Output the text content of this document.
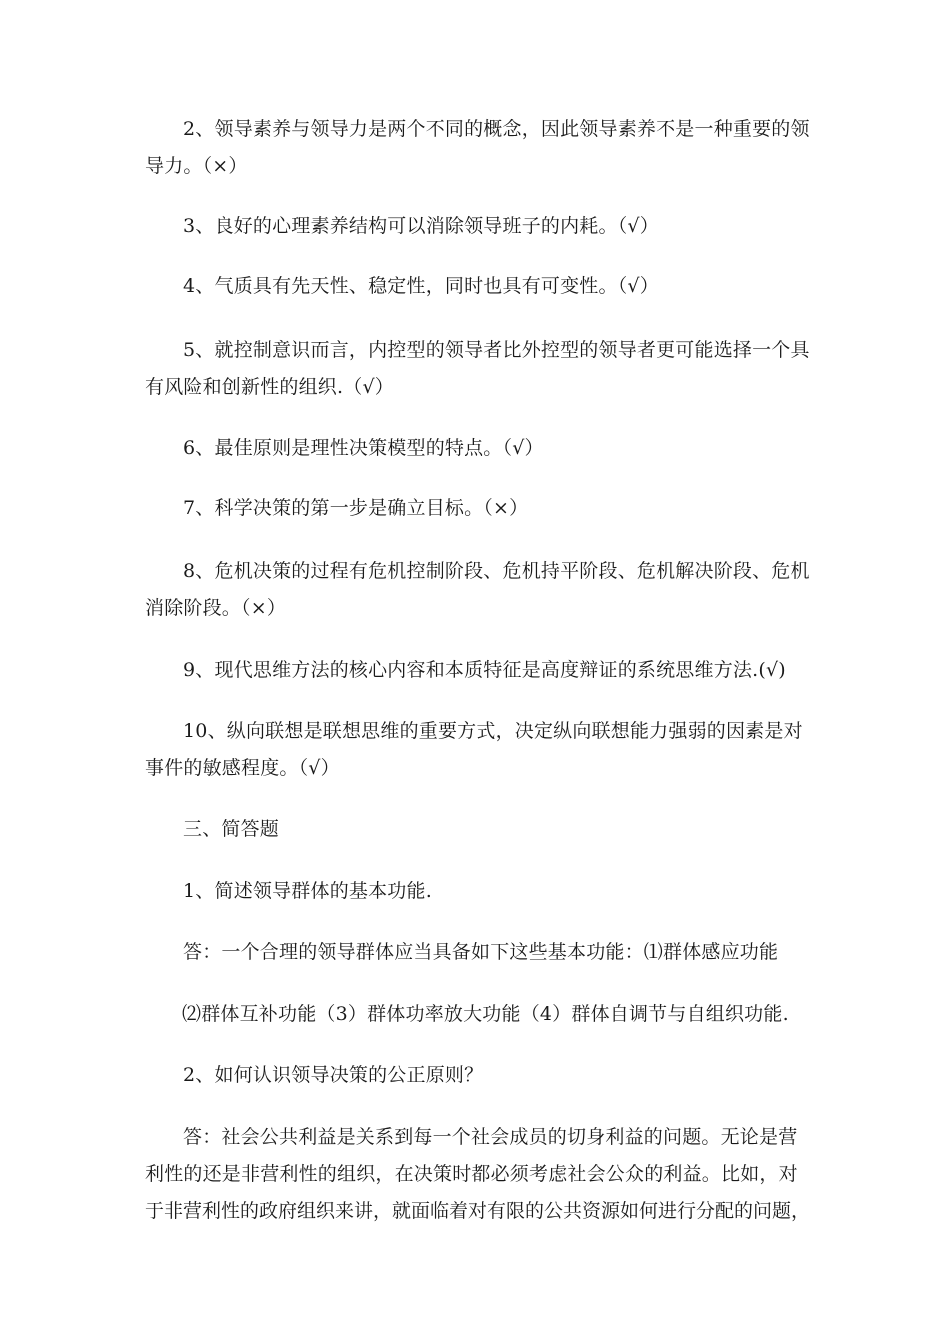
2、领导素养与领导力是两个不同的概念，因此领导素养不是一种重要的领
导力。（×）
3、良好的心理素养结构可以消除领导班子的内耗。（√）
4、气质具有先天性、稳定性，同时也具有可变性。（√）
5、就控制意识而言，内控型的领导者比外控型的领导者更可能选择一个具
有风险和创新性的组织.（√）
6、最佳原则是理性决策模型的特点。（√）
7、科学决策的第一步是确立目标。（×）
8、危机决策的过程有危机控制阶段、危机持平阶段、危机解决阶段、危机
消除阶段。（×）
9、现代思维方法的核心内容和本质特征是高度辩证的系统思维方法.(√)
10、纵向联想是联想思维的重要方式，决定纵向联想能力强弱的因素是对
事件的敏感程度。（√）
三、简答题
1、简述领导群体的基本功能.
答：一个合理的领导群体应当具备如下这些基本功能：⑴群体感应功能
⑵群体互补功能（3）群体功率放大功能（4）群体自调节与自组织功能.
2、如何认识领导决策的公正原则？
答：社会公共利益是关系到每一个社会成员的切身利益的问题。无论是营
利性的还是非营利性的组织，在决策时都必须考虑社会公众的利益。比如，对
于非营利性的政府组织来讲，就面临着对有限的公共资源如何进行分配的问题，
